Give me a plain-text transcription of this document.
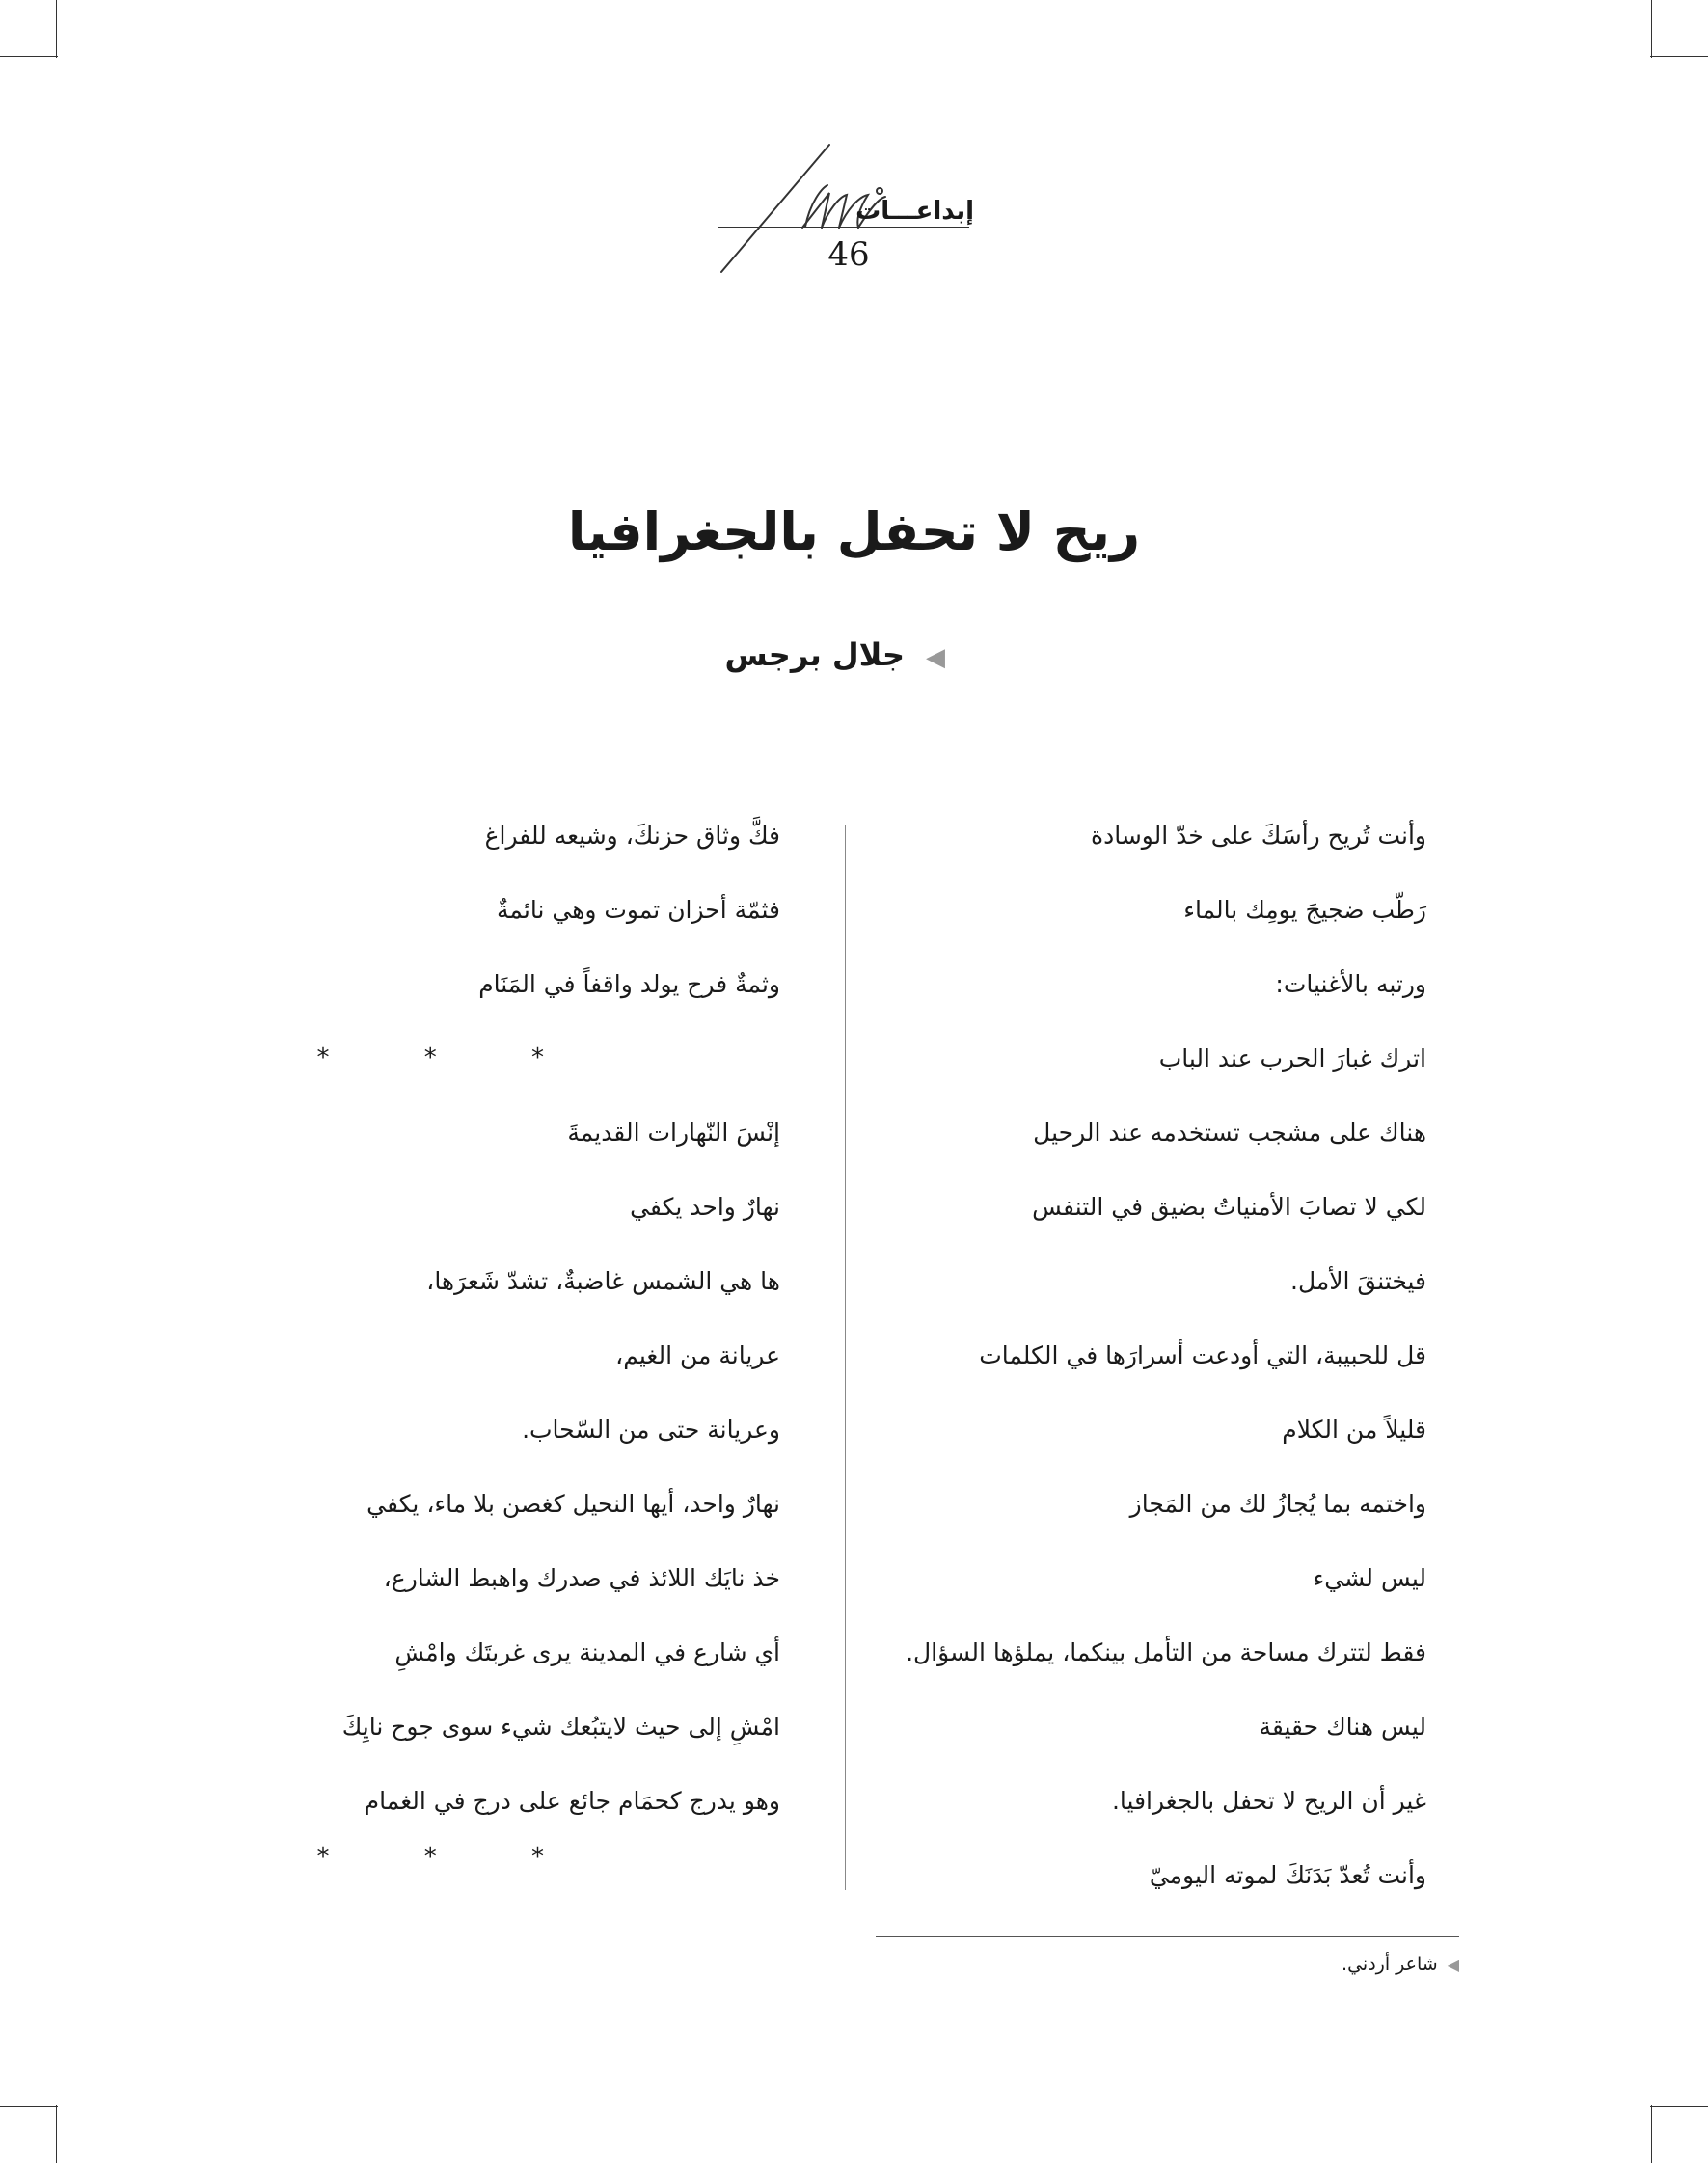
إبداعـــات
46
ريح لا تحفل بالجغرافيا
◀جلال برجس
وأنت تُريح رأسَكَ على خدّ الوسادة
رَطّب ضجيجَ يومِك بالماء
ورتبه بالأغنيات:
اترك غبارَ الحرب عند الباب
هناك على مشجب تستخدمه عند الرحيل
لكي لا تصابَ الأمنياتُ بضيق في التنفس
فيختنقَ الأمل.
قل للحبيبة، التي أودعت أسرارَها في الكلمات
قليلاً من الكلام
واختمه بما يُجازُ لك من المَجاز
ليس لشيء
فقط لتترك مساحة من التأمل بينكما، يملؤها السؤال.
ليس هناك حقيقة
غير أن الريح لا تحفل بالجغرافيا.
وأنت تُعدّ بَدَنَكَ لموته اليوميّ
فكَّ وثاق حزنكَ، وشيعه للفراغ
فثمّة أحزان تموت وهي نائمةٌ
وثمةٌ فرح يولد واقفاً في المَنَام
* * *
إنْسَ النّهارات القديمةَ
نهارٌ واحد يكفي
ها هي الشمس غاضبةٌ، تشدّ شَعرَها،
عريانة من الغيم،
وعريانة حتى من السّحاب.
نهارٌ واحد، أيها النحيل كغصن بلا ماء، يكفي
خذ نايَك اللائذ في صدرك واهبط الشارع،
أي شارع في المدينة يرى غربتَك وامْشِ
امْشِ إلى حيث لايتبُعك شيء سوى جوح نايِكَ
وهو يدرج كحمَام جائع على درج في الغمام
* * *
◀شاعر أردني.
